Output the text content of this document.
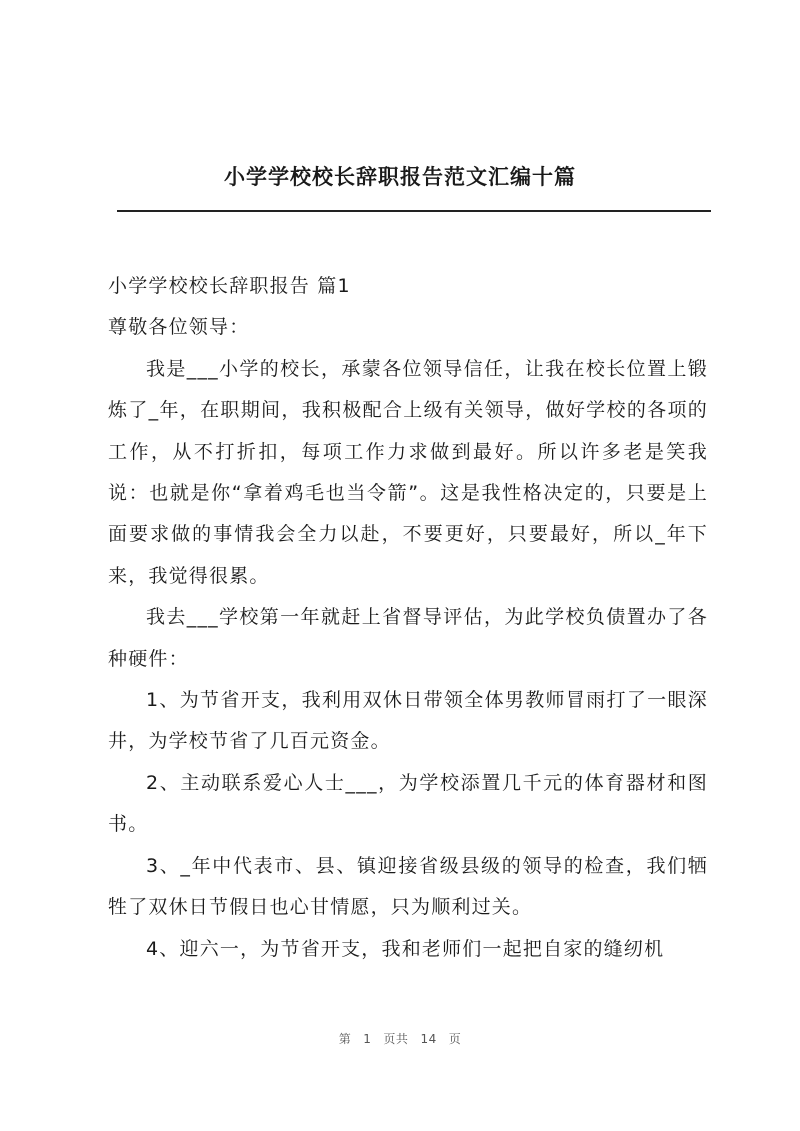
小学学校校长辞职报告范文汇编十篇

小学学校校长辞职报告 篇1

尊敬各位领导：

我是___小学的校长，承蒙各位领导信任，让我在校长位置上锻炼了_年，在职期间，我积极配合上级有关领导，做好学校的各项的工作，从不打折扣，每项工作力求做到最好。所以许多老是笑我说：也就是你“拿着鸡毛也当令箭”。这是我性格决定的，只要是上面要求做的事情我会全力以赴，不要更好，只要最好，所以_年下来，我觉得很累。

我去___学校第一年就赶上省督导评估，为此学校负债置办了各种硬件：

1、为节省开支，我利用双休日带领全体男教师冒雨打了一眼深井，为学校节省了几百元资金。

2、主动联系爱心人士___，为学校添置几千元的体育器材和图书。

3、_年中代表市、县、镇迎接省级县级的领导的检查，我们牺牲了双休日节假日也心甘情愿，只为顺利过关。

4、迎六一，为节省开支，我和老师们一起把自家的缝纫机

第 1 页共 14 页
